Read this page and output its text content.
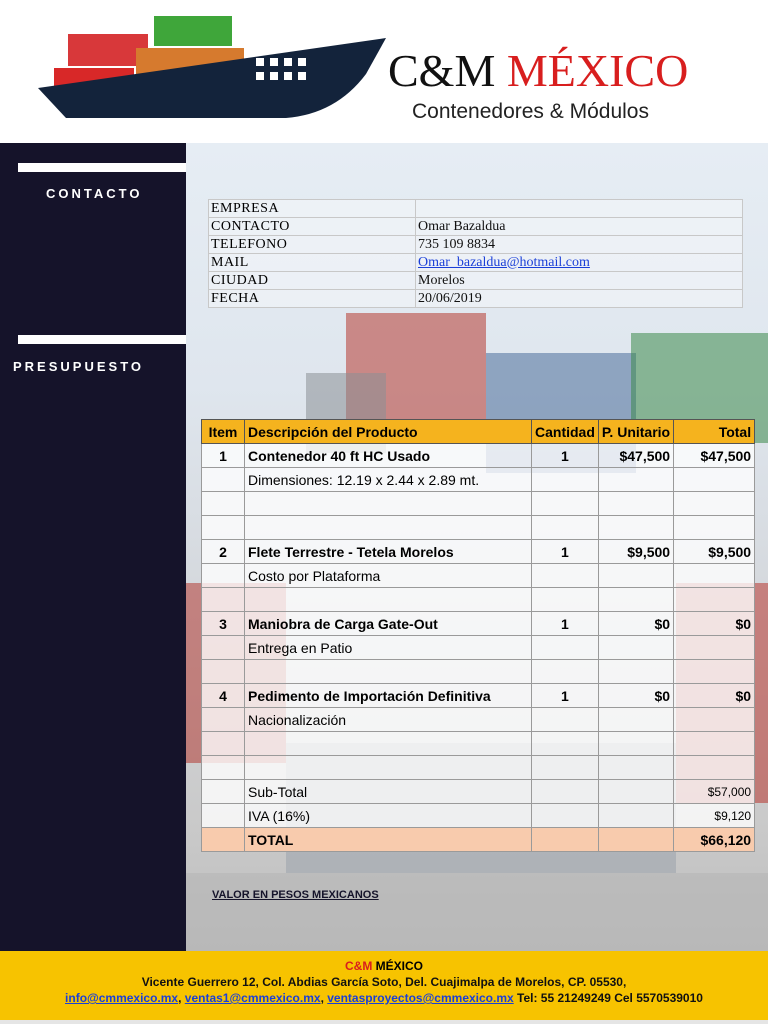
C&M MÉXICO
Contenedores & Módulos
CONTACTO
PRESUPUESTO
EMPRESA	
CONTACTO	Omar Bazaldua
TELEFONO	735 109 8834
MAIL	Omar_bazaldua@hotmail.com
CIUDAD	Morelos
FECHA	20/06/2019
Item	Descripción del Producto	Cantidad	P. Unitario	Total
1	Contenedor 40 ft HC Usado	1	$47,500	$47,500
	Dimensiones: 12.19 x 2.44 x 2.89 mt.			

2	Flete Terrestre - Tetela Morelos	1	$9,500	$9,500
	Costo por Plataforma			

3	Maniobra de Carga Gate-Out	1	$0	$0
	Entrega en Patio			

4	Pedimento de Importación Definitiva	1	$0	$0
	Nacionalización			

	Sub-Total			$57,000
	IVA (16%)			$9,120
	TOTAL			$66,120
VALOR EN PESOS MEXICANOS
C&M MÉXICO
Vicente Guerrero 12, Col. Abdias García Soto, Del. Cuajimalpa de Morelos, CP. 05530,
info@cmmexico.mx, ventas1@cmmexico.mx, ventasproyectos@cmmexico.mx Tel: 55 21249249 Cel 5570539010
